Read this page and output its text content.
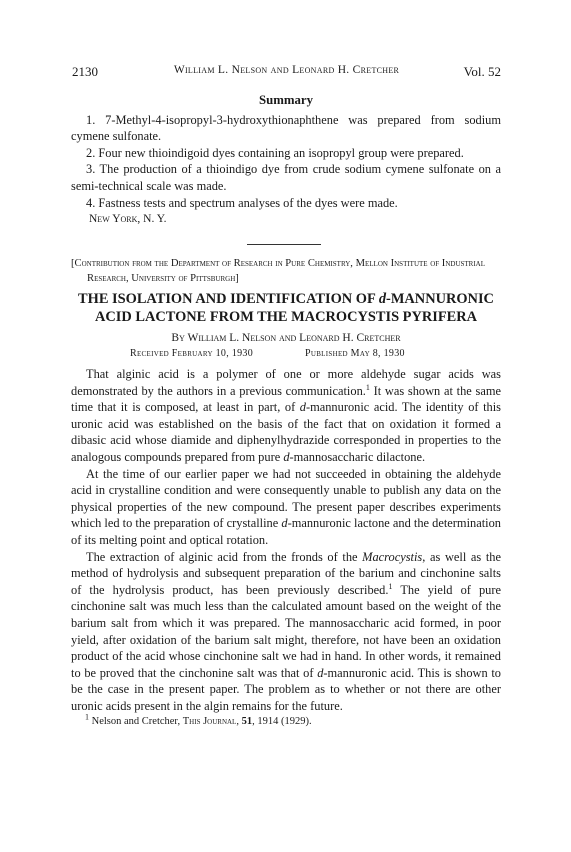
2130	William L. Nelson and Leonard H. Cretcher	Vol. 52

Summary

1. 7-Methyl-4-isopropyl-3-hydroxythionaphthene was prepared from sodium cymene sulfonate.

2. Four new thioindigoid dyes containing an isopropyl group were prepared.

3. The production of a thioindigo dye from crude sodium cymene sulfonate on a semi-technical scale was made.

4. Fastness tests and spectrum analyses of the dyes were made.

New York, N. Y.

[Contribution from the Department of Research in Pure Chemistry, Mellon Institute of Industrial Research, University of Pittsburgh]

THE ISOLATION AND IDENTIFICATION OF d-MANNURONIC

ACID LACTONE FROM THE MACROCYSTIS PYRIFERA

By William L. Nelson and Leonard H. Cretcher

Received February 10, 1930	Published May 8, 1930

That alginic acid is a polymer of one or more aldehyde sugar acids was demonstrated by the authors in a previous communication.$^1$ It was shown at the same time that it is composed, at least in part, of d-mannuronic acid. The identity of this uronic acid was established on the basis of the fact that on oxidation it formed a dibasic acid whose diamide and diphenylhydrazide corresponded in properties to the analogous compounds prepared from pure d-mannosaccharic dilactone.

At the time of our earlier paper we had not succeeded in obtaining the aldehyde acid in crystalline condition and were consequently unable to publish any data on the physical properties of the new compound. The present paper describes experiments which led to the preparation of crystalline d-mannuronic lactone and the determination of its melting point and optical rotation.

The extraction of alginic acid from the fronds of the Macrocystis, as well as the method of hydrolysis and subsequent preparation of the barium and cinchonine salts of the hydrolysis product, has been previously described.$^1$ The yield of pure cinchonine salt was much less than the calculated amount based on the weight of the barium salt from which it was prepared. The mannosaccharic acid formed, in poor yield, after oxidation of the barium salt might, therefore, not have been an oxidation product of the acid whose cinchonine salt we had in hand. In other words, it remained to be proved that the cinchonine salt was that of d-mannuronic acid. This is shown to be the case in the present paper. The problem as to whether or not there are other uronic acids present in the algin remains for the future.

$^1$ Nelson and Cretcher, This Journal, 51, 1914 (1929).
